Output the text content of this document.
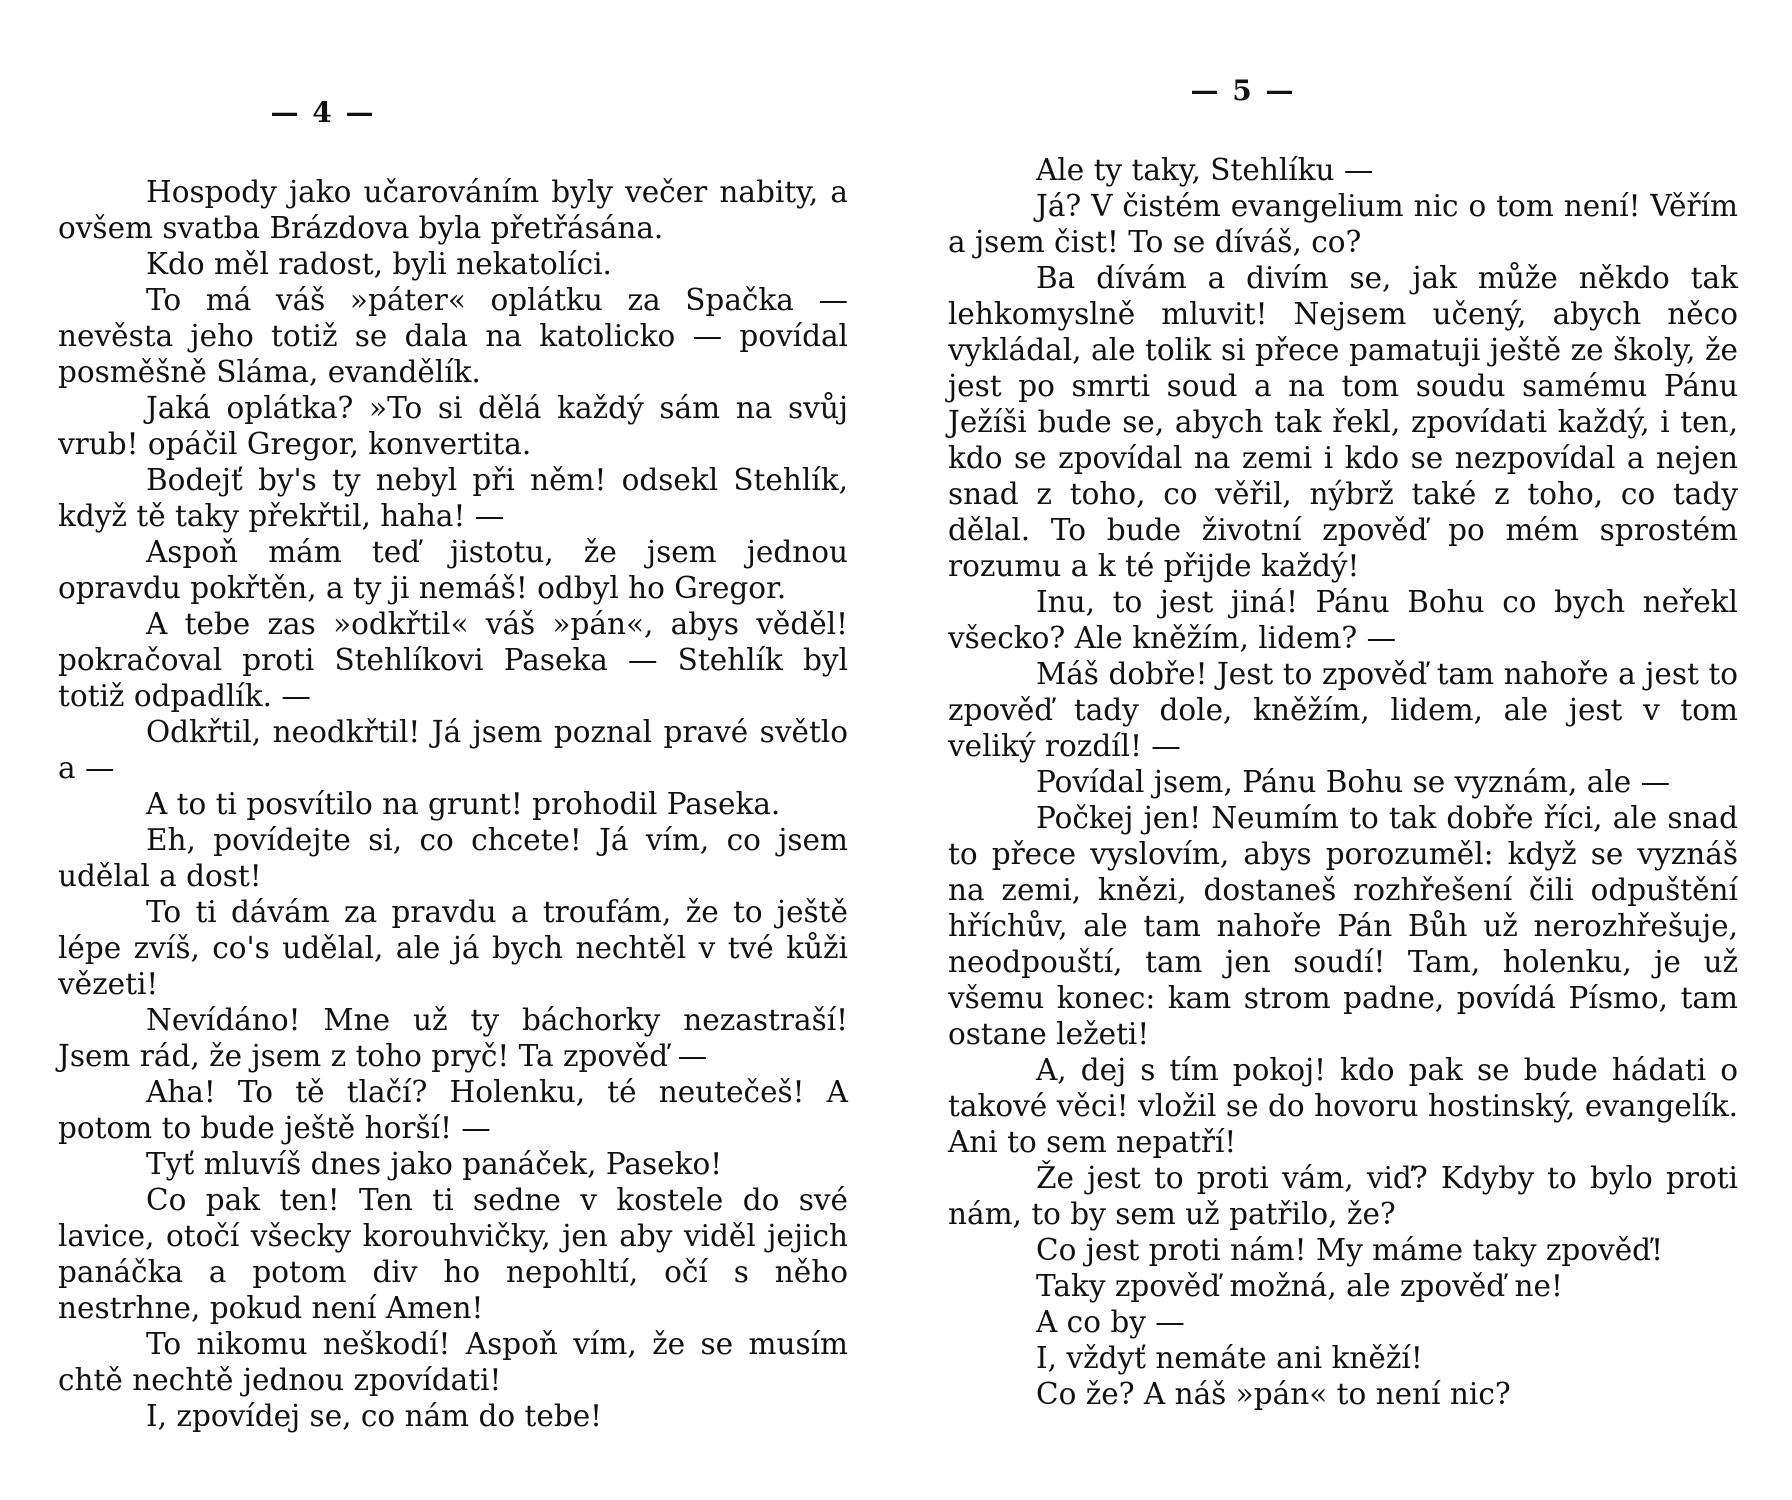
— 4 —

Hospody jako učarováním byly večer nabity, a ovšem svatba Brázdova byla přetřásána.

Kdo měl radost, byli nekatolíci.

To má váš »páter« oplátku za Spačka — nevěsta jeho totiž se dala na katolicko — povídal posměšně Sláma, evandělík.

Jaká oplátka? »To si dělá každý sám na svůj vrub! opáčil Gregor, konvertita.

Bodejť by's ty nebyl při něm! odsekl Stehlík, když tě taky překřtil, haha! —

Aspoň mám teď jistotu, že jsem jednou opravdu pokřtěn, a ty ji nemáš! odbyl ho Gregor.

A tebe zas »odkřtil« váš »pán«, abys věděl! pokračoval proti Stehlíkovi Paseka — Stehlík byl totiž odpadlík. —

Odkřtil, neodkřtil! Já jsem poznal pravé světlo a —

A to ti posvítilo na grunt! prohodil Paseka.

Eh, povídejte si, co chcete! Já vím, co jsem udělal a dost!

To ti dávám za pravdu a troufám, že to ještě lépe zvíš, co's udělal, ale já bych nechtěl v tvé kůži vězeti!

Nevídáno! Mne už ty báchorky nezastraší! Jsem rád, že jsem z toho pryč! Ta zpověď —

Aha! To tě tlačí? Holenku, té neutečeš! A potom to bude ještě horší! —

Tyť mluvíš dnes jako panáček, Paseko!

Co pak ten! Ten ti sedne v kostele do své lavice, otočí všecky korouhvičky, jen aby viděl jejich panáčka a potom div ho nepohltí, očí s něho nestrhne, pokud není Amen!

To nikomu neškodí! Aspoň vím, že se musím chtě nechtě jednou zpovídati!

I, zpovídej se, co nám do tebe!

— 5 —

Ale ty taky, Stehlíku —

Já? V čistém evangelium nic o tom není! Věřím a jsem čist! To se díváš, co?

Ba dívám a divím se, jak může někdo tak lehkomyslně mluvit! Nejsem učený, abych něco vykládal, ale tolik si přece pamatuji ještě ze školy, že jest po smrti soud a na tom soudu samému Pánu Ježíši bude se, abych tak řekl, zpovídati každý, i ten, kdo se zpovídal na zemi i kdo se nezpovídal a nejen snad z toho, co věřil, nýbrž také z toho, co tady dělal. To bude životní zpověď po mém sprostém rozumu a k té přijde každý!

Inu, to jest jiná! Pánu Bohu co bych neřekl všecko? Ale kněžím, lidem? —

Máš dobře! Jest to zpověď tam nahoře a jest to zpověď tady dole, kněžím, lidem, ale jest v tom veliký rozdíl! —

Povídal jsem, Pánu Bohu se vyznám, ale —

Počkej jen! Neumím to tak dobře říci, ale snad to přece vyslovím, abys porozuměl: když se vyznáš na zemi, knězi, dostaneš rozhřešení čili odpuštění hříchův, ale tam nahoře Pán Bůh už nerozhřešuje, neodpouští, tam jen soudí! Tam, holenku, je už všemu konec: kam strom padne, povídá Písmo, tam ostane ležeti!

A, dej s tím pokoj! kdo pak se bude hádati o takové věci! vložil se do hovoru hostinský, evangelík. Ani to sem nepatří!

Že jest to proti vám, viď? Kdyby to bylo proti nám, to by sem už patřilo, že?

Co jest proti nám! My máme taky zpověď!

Taky zpověď možná, ale zpověď ne!

A co by —

I, vždyť nemáte ani kněží!

Co že? A náš »pán« to není nic?
